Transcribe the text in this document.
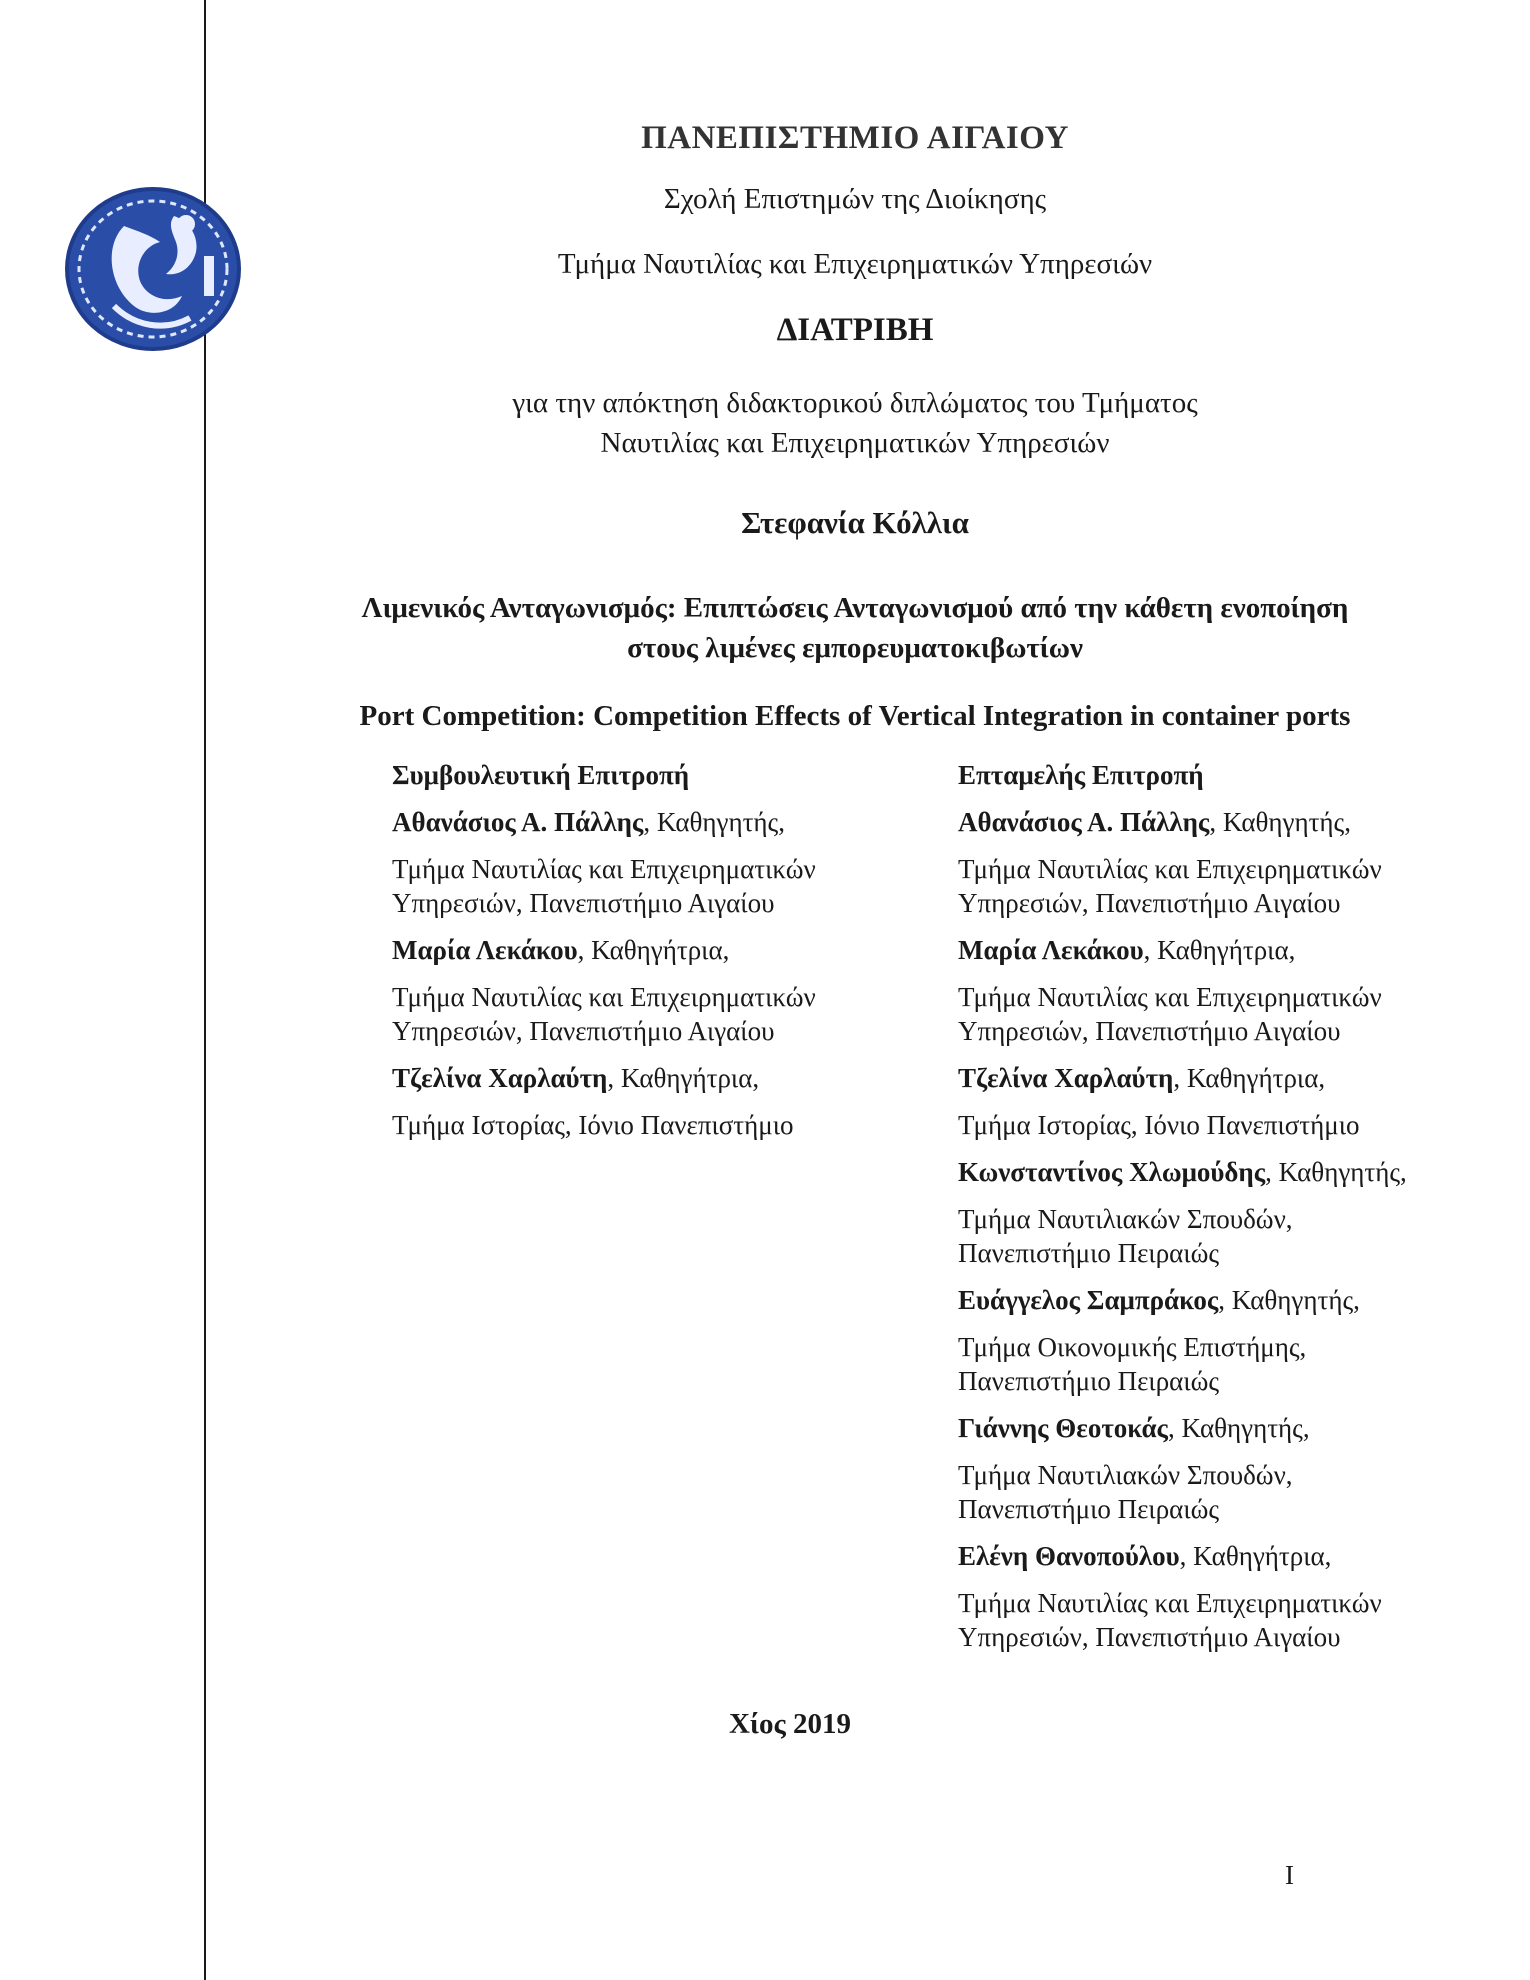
ΠΑΝΕΠΙΣΤΗΜΙΟ ΑΙΓΑΙΟΥ
Σχολή Επιστημών της Διοίκησης
Τμήμα Ναυτιλίας και Επιχειρηματικών Υπηρεσιών
ΔΙΑΤΡΙΒΗ
για την απόκτηση διδακτορικού διπλώματος του Τμήματος
Ναυτιλίας και Επιχειρηματικών Υπηρεσιών
Στεφανία Κόλλια
Λιμενικός Ανταγωνισμός: Επιπτώσεις Ανταγωνισμού από την κάθετη ενοποίηση
στους λιμένες εμπορευματοκιβωτίων
Port Competition: Competition Effects of Vertical Integration in container ports
Συμβουλευτική Επιτροπή
Αθανάσιος Α. Πάλλης, Καθηγητής,
Τμήμα Ναυτιλίας και Επιχειρηματικών
Υπηρεσιών, Πανεπιστήμιο Αιγαίου
Μαρία Λεκάκου, Καθηγήτρια,
Τμήμα Ναυτιλίας και Επιχειρηματικών
Υπηρεσιών, Πανεπιστήμιο Αιγαίου
Τζελίνα Χαρλαύτη, Καθηγήτρια,
Τμήμα Ιστορίας, Ιόνιο Πανεπιστήμιο
Επταμελής Επιτροπή
Αθανάσιος Α. Πάλλης, Καθηγητής,
Τμήμα Ναυτιλίας και Επιχειρηματικών
Υπηρεσιών, Πανεπιστήμιο Αιγαίου
Μαρία Λεκάκου, Καθηγήτρια,
Τμήμα Ναυτιλίας και Επιχειρηματικών
Υπηρεσιών, Πανεπιστήμιο Αιγαίου
Τζελίνα Χαρλαύτη, Καθηγήτρια,
Τμήμα Ιστορίας, Ιόνιο Πανεπιστήμιο
Κωνσταντίνος Χλωμούδης, Καθηγητής,
Τμήμα Ναυτιλιακών Σπουδών,
Πανεπιστήμιο Πειραιώς
Ευάγγελος Σαμπράκος, Καθηγητής,
Τμήμα Οικονομικής Επιστήμης,
Πανεπιστήμιο Πειραιώς
Γιάννης Θεοτοκάς, Καθηγητής,
Τμήμα Ναυτιλιακών Σπουδών,
Πανεπιστήμιο Πειραιώς
Ελένη Θανοπούλου, Καθηγήτρια,
Τμήμα Ναυτιλίας και Επιχειρηματικών
Υπηρεσιών, Πανεπιστήμιο Αιγαίου
Χίος 2019
I
